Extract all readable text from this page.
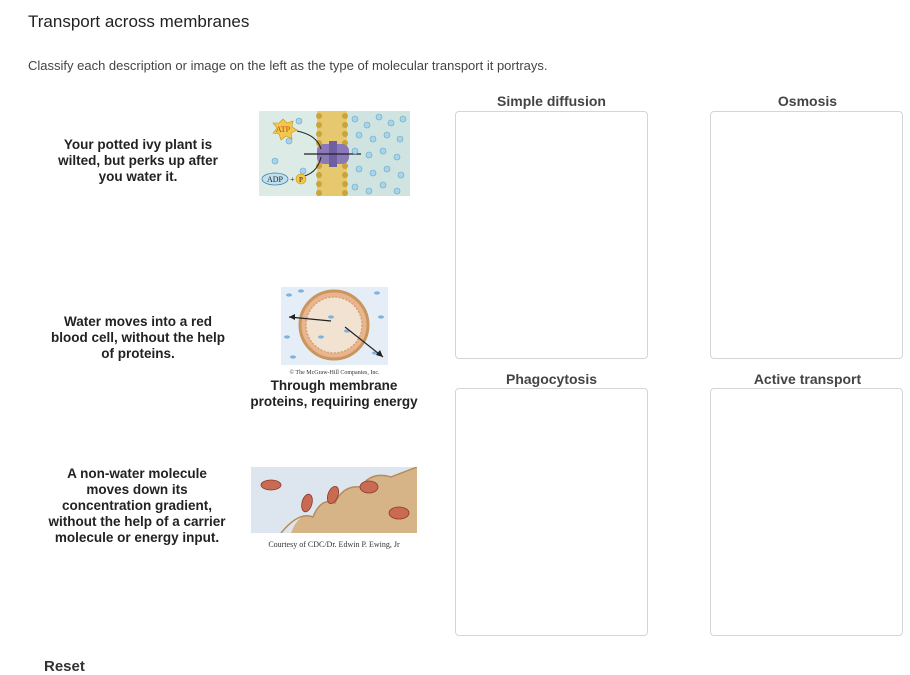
Transport across membranes
Classify each description or image on the left as the type of molecular transport it portrays.
Your potted ivy plant is wilted, but perks up after you water it.
Water moves into a red blood cell, without the help of proteins.
Through membrane proteins, requiring energy
A non-water molecule moves down its concentration gradient, without the help of a carrier molecule or energy input.
ATP
ADP + P
© The McGraw-Hill Companies, Inc.
Courtesy of CDC/Dr. Edwin P. Ewing, Jr
Simple diffusion	Osmosis
Phagocytosis	Active transport
Reset
